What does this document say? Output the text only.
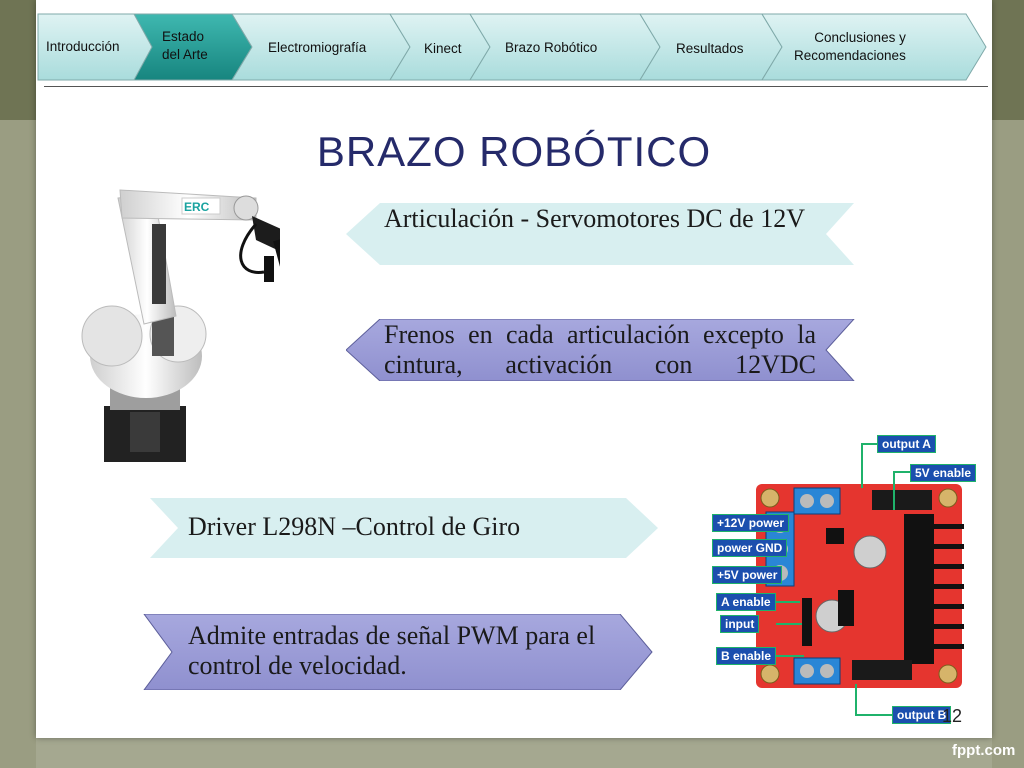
Introducción
Estado
del Arte	Electromiografía	Kinect	Brazo Robótico	Resultados
Conclusiones y
Recomendaciones
BRAZO ROBÓTICO
ERC	Articulación - Servomotores DC de 12V
Frenos en cada articulación excepto la cintura, activación con 12VDC
Driver L298N –Control de Giro
Admite entradas de señal PWM para el control de velocidad.
output A
5V enable
+12V power
power GND
+5V power
A enable
input
B enable
output B
12
fppt.com
